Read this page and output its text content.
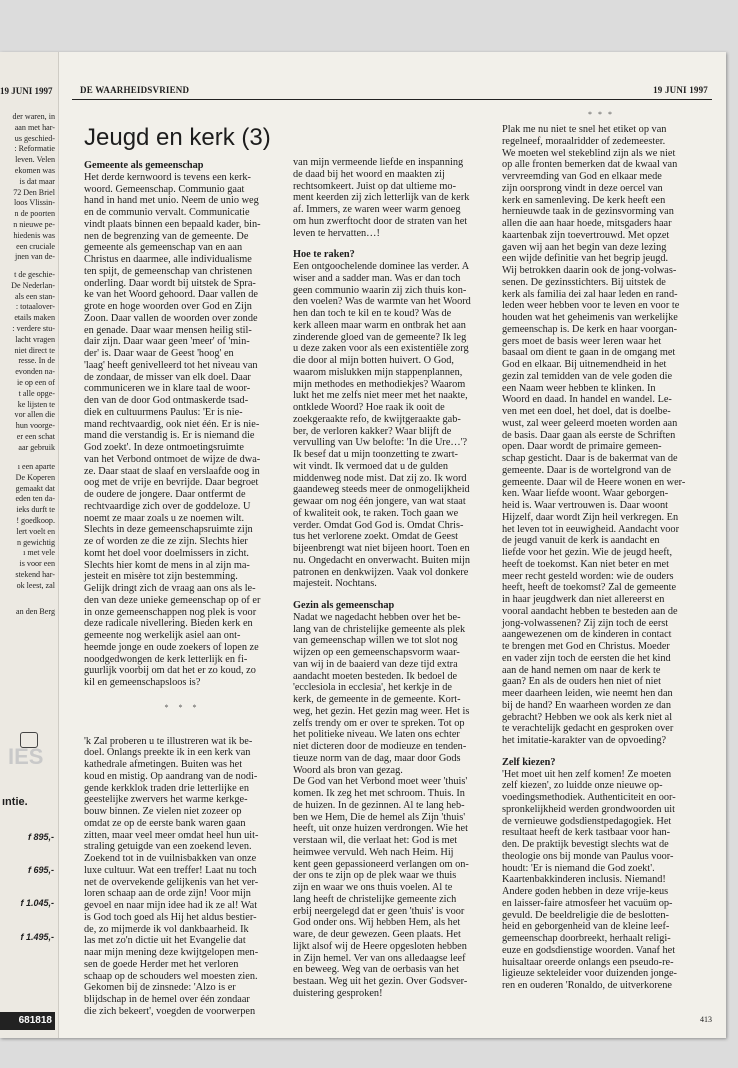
19 JUNI 1997
der waren, in
aan met har-
us geschied-
: Reformatie
leven. Velen
ekomen was
is dat maar
72 Den Briel
loos Vlissin-
n de poorten
n nieuwe pe-
hiedenis was
een cruciale
jnen van de-
t de geschie-
De Nederlan-
als een stan-
: totaalover-
etails maken
: verdere stu-
lacht vragen
niet direct te
resse. In de
evonden na-
ie op een of
t alle opge-
ke lijsten te
vor allen die
hun voorge-
er een schat
aar gebruik
ı een aparte
De Koperen
gemaakt dat
eden ten da-
ieks durft te
! goedkoop.
lert voelt en
n gewichtig
ı met vele
is voor een
stekend har-
ok leest, zal
an den Berg
IES
ıntie.
f 895,-
f 695,-
f 1.045,-
f 1.495,-
681818
DE WAARHEIDSVRIEND	19 JUNI 1997
* * *
Jeugd en kerk (3)
Gemeente als gemeenschap

Het derde kernwoord is tevens een kerk-
woord. Gemeenschap. Communio gaat
hand in hand met unio. Neem de unio weg
en de communio vervalt. Communicatie
vindt plaats binnen een bepaald kader, bin-
nen de begrenzing van de gemeente. De
gemeente als gemeenschap van en aan
Christus en daarmee, alle individualisme
ten spijt, de gemeenschap van christenen
onderling. Daar wordt bij uitstek de Spra-
ke van het Woord gehoord. Daar vallen de
grote en hoge woorden over God en Zijn
Zoon. Daar vallen de woorden over zonde
en genade. Daar waar mensen heilig stil-
dair zijn. Daar waar geen 'meer' of 'min-
der' is. Daar waar de Geest 'hoog' en
'laag' heeft genivelleerd tot het niveau van
de zondaar, de misser van elk doel. Daar
communiceren we in klare taal de woor-
den van de door God ontmaskerde tsad-
diek en cultuurmens Paulus: 'Er is nie-
mand rechtvaardig, ook niet één. Er is nie-
mand die verstandig is. Er is niemand die
God zoekt'. In deze ontmoetingsruimte
van het Verbond ontmoet de wijze de dwa-
ze. Daar staat de slaaf en verslaafde oog in
oog met de vrije en bevrijde. Daar begroet
de oudere de jongere. Daar ontfermt de
rechtvaardige zich over de goddeloze. U
noemt ze maar zoals u ze noemen wilt.
Slechts in deze gemeenschapsruimte zijn
ze of worden ze die ze zijn. Slechts hier
komt het doel voor doelmissers in zicht.
Slechts hier komt de mens in al zijn ma-
jesteit en misère tot zijn bestemming.
Gelijk dringt zich de vraag aan ons als le-
den van deze unieke gemeenschap op of er
in onze gemeenschappen nog plek is voor
deze radicale nivellering. Bieden kerk en
gemeente nog werkelijk asiel aan ont-
heemde jonge en oude zoekers of lopen ze
noodgedwongen de kerk letterlijk en fi-
guurlijk voorbij om dat het er zo koud, zo
kil en gemeenschapsloos is?

* * *

'k Zal proberen u te illustreren wat ik be-
doel. Onlangs preekte ik in een kerk van
kathedrale afmetingen. Buiten was het
koud en mistig. Op aandrang van de nodi-
gende kerkklok traden drie letterlijke en
geestelijke zwervers het warme kerkge-
bouw binnen. Ze vielen niet zozeer op
omdat ze op de eerste bank waren gaan
zitten, maar veel meer omdat heel hun uit-
straling getuigde van een zoekend leven.
Zoekend tot in de vuilnisbakken van onze
luxe cultuur. Wat een treffer! Laat nu toch
net de overvekende gelijkenis van het ver-
loren schaap aan de orde zijn! Voor mijn
gevoel en naar mijn idee had ik ze al! Wat
is God toch goed als Hij het aldus bestier-
de, zo mijmerde ik vol dankbaarheid. Ik
las met zo'n dictie uit het Evangelie dat
naar mijn mening deze kwijtgelopen men-
sen de goede Herder met het verloren
schaap op de schouders wel moesten zien.
Gekomen bij de zinsnede: 'Alzo is er
blijdschap in de hemel over één zondaar
die zich bekeert', voegden de voorwerpen

van mijn vermeende liefde en inspanning
de daad bij het woord en maakten zij
rechtsomkeert. Juist op dat ultieme mo-
ment keerden zij zich letterlijk van de kerk
af. Immers, ze waren weer warm genoeg
om hun zwerftocht door de straten van het
leven te hervatten…!

Hoe te raken?

Een ontgoochelende dominee las verder. A
wiser and a sadder man. Was er dan toch
geen communio waarin zij zich thuis kon-
den voelen? Was de warmte van het Woord
hen dan toch te kil en te koud? Was de
kerk alleen maar warm en ontbrak het aan
zinderende gloed van de gemeente? Ik leg
u deze zaken voor als een existentiële zorg
die door al mijn botten huivert. O God,
waarom mislukken mijn stappenplannen,
mijn methodes en methodiekjes? Waarom
lukt het me zelfs niet meer met het naakte,
ontklede Woord? Hoe raak ik ooit de
zoekgeraakte refo, de kwijtgeraakte gab-
ber, de verloren kakker? Waar blijft de
vervulling van Uw belofte: 'In die Ure…'?
Ik besef dat u mijn toonzetting te zwart-
wit vindt. Ik vermoed dat u de gulden
middenweg node mist. Dat zij zo. Ik word
gaandeweg steeds meer de onmogelijkheid
gewaar om nog één jongere, van wat staat
of kwaliteit ook, te raken. Toch gaan we
verder. Omdat God God is. Omdat Chris-
tus het verlorene zoekt. Omdat de Geest
bijeenbrengt wat niet bijeen hoort. Toen en
nu. Ongedacht en onverwacht. Buiten mijn
patronen en denkwijzen. Vaak vol donkere
majesteit. Nochtans.

Gezin als gemeenschap

Nadat we nagedacht hebben over het be-
lang van de christelijke gemeente als plek
van gemeenschap willen we tot slot nog
wijzen op een gemeenschapsvorm waar-
van wij in de baaierd van deze tijd extra
aandacht moeten besteden. Ik bedoel de
'ecclesiola in ecclesia', het kerkje in de
kerk, de gemeente in de gemeente. Kort-
weg, het gezin. Het gezin mag weer. Het is
zelfs trendy om er over te spreken. Tot op
het politieke niveau. We laten ons echter
niet dicteren door de modieuze en tenden-
tieuze norm van de dag, maar door Gods
Woord als bron van gezag.
De God van het Verbond moet weer 'thuis'
komen. Ik zeg het met schroom. Thuis. In
de huizen. In de gezinnen. Al te lang heb-
ben we Hem, Die de hemel als Zijn 'thuis'
heeft, uit onze huizen verdrongen. Wie het
verstaan wil, die verlaat het: God is met
heimwee vervuld. Weh nach Heim. Hij
kent geen gepassioneerd verlangen om on-
der ons te zijn op de plek waar we thuis
zijn en waar we ons thuis voelen. Al te
lang heeft de christelijke gemeente zich
erbij neergelegd dat er geen 'thuis' is voor
God onder ons. Wij hebben Hem, als het
ware, de deur gewezen. Geen plaats. Het
lijkt alsof wij de Heere opgesloten hebben
in Zijn hemel. Ver van ons alledaagse leef
en beweeg. Weg van de oerbasis van het
bestaan. Weg uit het gezin. Over Godsver-
duistering gesproken!

Plak me nu niet te snel het etiket op van
regelneef, moraalridder of zedemeester.
We moeten wel stekeblind zijn als we niet
op alle fronten bemerken dat de kwaal van
vervreemding van God en elkaar mede
zijn oorsprong vindt in deze oercel van
kerk en samenleving. De kerk heeft een
hernieuwde taak in de gezinsvorming van
allen die aan haar hoede, mitsgaders haar
kaartenbak zijn toevertrouwd. Met opzet
gaven wij aan het begin van deze lezing
een wijde definitie van het begrip jeugd.
Wij betrokken daarin ook de jong-volwas-
senen. De gezinsstichters. Bij uitstek de
kerk als familia dei zal haar leden en rand-
leden weer hebben voor te leven en voor te
houden wat het geheimenis van werkelijke
gemeenschap is. De kerk en haar voorgan-
gers moet de basis weer leren waar het
basaal om dient te gaan in de omgang met
God en elkaar. Bij uitnemendheid in het
gezin zal temidden van de vele goden die
een Naam weer hebben te klinken. In
Woord en daad. In handel en wandel. Le-
ven met een doel, het doel, dat is doelbe-
wust, zal weer geleerd moeten worden aan
de basis. Daar gaan als eerste de Schriften
open. Daar wordt de primaire gemeen-
schap gesticht. Daar is de bakermat van de
gemeente. Daar is de wortelgrond van de
gemeente. Daar wil de Heere wonen en wer-
ken. Waar liefde woont. Waar geborgen-
heid is. Waar vertrouwen is. Daar woont
Hijzelf, daar wordt Zijn heil verkregen. En
het leven tot in eeuwigheid. Aandacht voor
de jeugd vanuit de kerk is aandacht en
liefde voor het gezin. Wie de jeugd heeft,
heeft de toekomst. Kan niet beter en met
meer recht gesteld worden: wie de ouders
heeft, heeft de toekomst? Zal de gemeente
in haar jeugdwerk dan niet allereerst en
vooral aandacht hebben te besteden aan de
jong-volwassenen? Zij zijn toch de eerst
aangewezenen om de kinderen in contact
te brengen met God en Christus. Moeder
en vader zijn toch de eersten die het kind
aan de hand nemen om naar de kerk te
gaan? En als de ouders hen niet of niet
meer daarheen leiden, wie neemt hen dan
bij de hand? En waarheen worden ze dan
gebracht? Hebben we ook als kerk niet al
te verachtelijk gedacht en gesproken over
het imitatie-karakter van de opvoeding?

Zelf kiezen?

'Het moet uit hen zelf komen! Ze moeten
zelf kiezen', zo luidde onze nieuwe op-
voedingsmethodiek. Authenticiteit en oor-
spronkelijkheid werden grondwoorden uit
de vernieuwe godsdienstpedagogiek. Het
resultaat heeft de kerk tastbaar voor han-
den. De praktijk bevestigt slechts wat de
theologie ons bij monde van Paulus voor-
houdt: 'Er is niemand die God zoekt'.
Kaartenbakkinderen inclusis. Niemand!
Andere goden hebben in deze vrije-keus
en laisser-faire atmosfeer het vacuüm op-
gevuld. De beeldreligie die de beslotten-
heid en geborgenheid van de kleine leef-
gemeenschap doorbreekt, herhaalt religi-
euze en godsdienstige woorden. Vanaf het
huisaltaar oreerde onlangs een pseudo-re-
ligieuze sekteleider voor duizenden jonge-
ren en ouderen 'Ronaldo, de uitverkorene

413
